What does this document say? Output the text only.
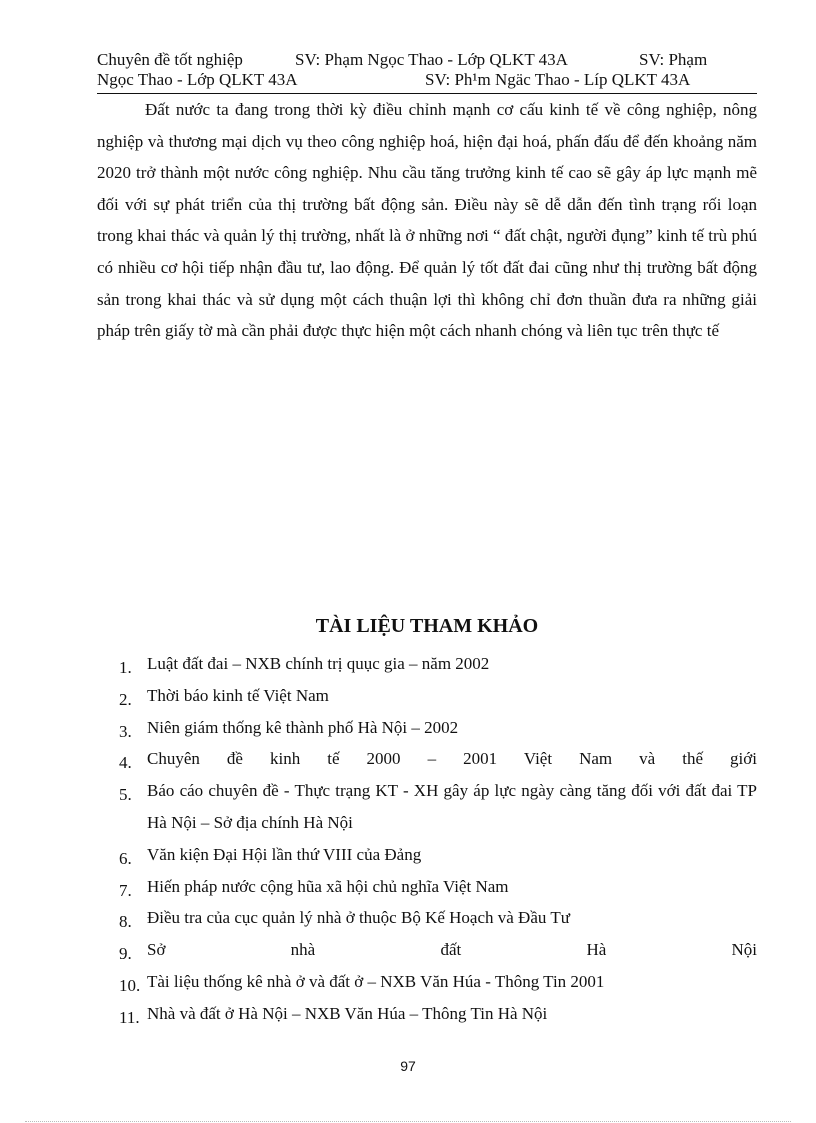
Chuyên đề tốt nghiệp	SV: Phạm Ngọc Thao - Lớp QLKT 43A	SV: Phạm
Ngọc Thao - Lớp QLKT 43A	SV: Ph¹m Ngäc Thao - Líp QLKT 43A

Đất nước ta đang trong thời kỳ điều chỉnh mạnh cơ cấu kinh tế về công nghiệp, nông nghiệp và thương mại dịch vụ theo công nghiệp hoá, hiện đại hoá, phấn đấu để đến khoảng năm 2020 trở thành một nước công nghiệp. Nhu cầu tăng trưởng kinh tế cao sẽ gây áp lực mạnh mẽ đối với sự phát triển của thị trường bất động sản. Điều này sẽ dễ dẫn đến tình trạng rối loạn trong khai thác và quản lý thị trường, nhất là ở những nơi “ đất chật, người đụng” kinh tế trù phú có nhiều cơ hội tiếp nhận đầu tư, lao động. Để quản lý tốt đất đai cũng như thị trường bất động sản trong khai thác và sử dụng một cách thuận lợi thì không chỉ đơn thuần đưa ra những giải pháp trên giấy tờ mà cần phải được thực hiện một cách nhanh chóng và liên tục trên thực tế

TÀI LIỆU THAM KHẢO
1. Luật đất đai – NXB chính trị quục gia – năm 2002
2. Thời báo kinh tế Việt Nam
3. Niên giám thống kê thành phố Hà Nội – 2002
4. Chuyên đề kinh tế 2000 – 2001 Việt Nam và thế giới
5. Báo cáo chuyên đề - Thực trạng KT - XH gây áp lực ngày càng tăng đối với đất đai TP Hà Nội – Sở địa chính Hà Nội
6. Văn kiện Đại Hội lần thứ VIII của Đảng
7. Hiến pháp nước cộng hũa xã hội chủ nghĩa Việt Nam
8. Điều tra của cục quản lý nhà ở thuộc Bộ Kế Hoạch và Đầu Tư
9. Sở nhà đất Hà Nội
10. Tài liệu thống kê nhà ở và đất ở – NXB Văn Húa - Thông Tin 2001
11. Nhà và đất ở Hà Nội – NXB Văn Húa – Thông Tin Hà Nội
97
